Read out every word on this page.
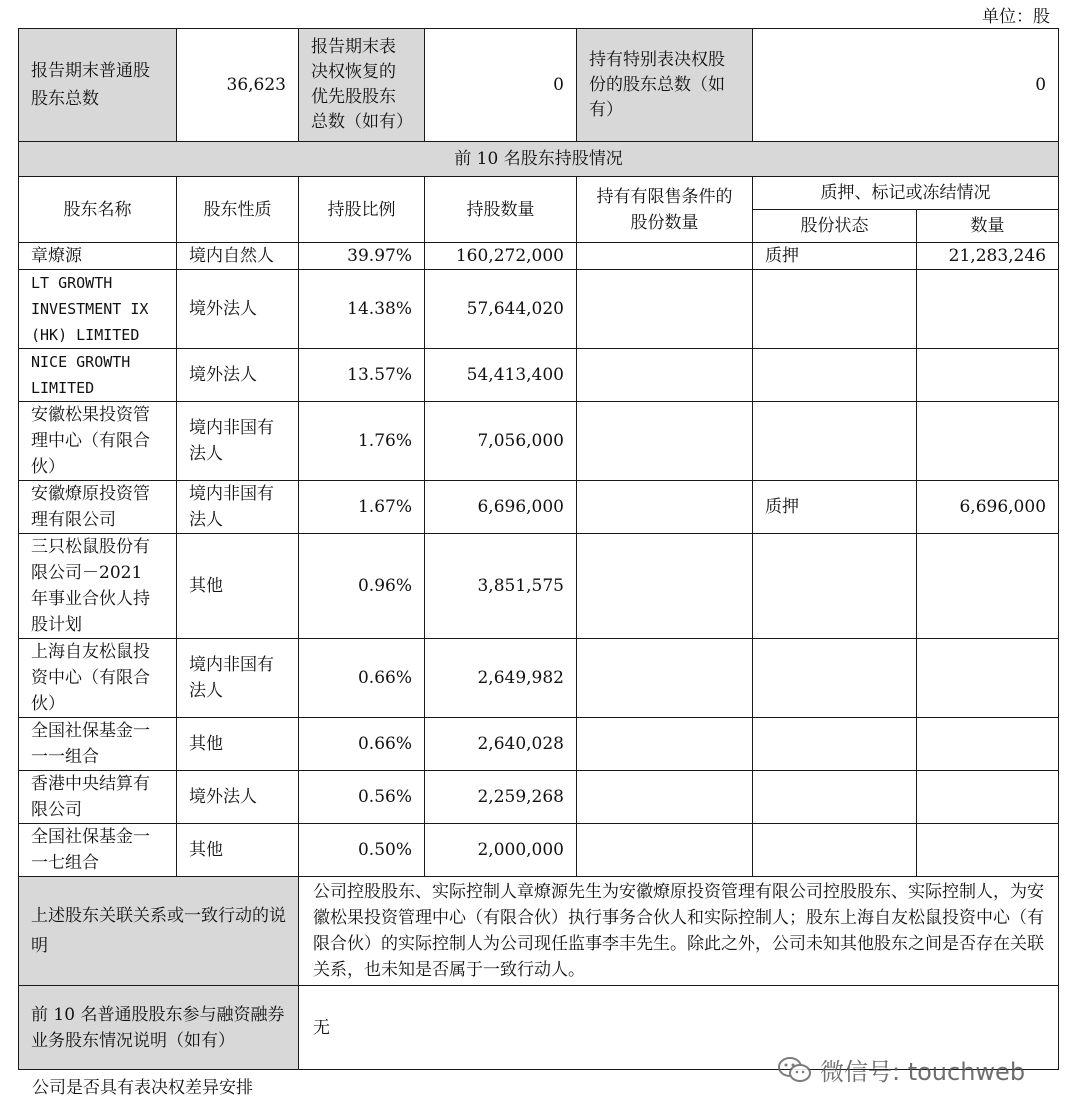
单位：股
报告期末普通股股东总数	36,623	报告期末表决权恢复的优先股股东总数（如有）	0	持有特别表决权股份的股东总数（如有）	0	
前 10 名股东持股情况						
股东名称	股东性质	持股比例	持股数量	持有有限售条件的股份数量	质押、标记或冻结情况	
					股份状态	数量
章燎源	境内自然人	39.97%	160,272,000		质押	21,283,246
LT GROWTH INVESTMENT IX (HK) LIMITED	境外法人	14.38%	57,644,020			
NICE GROWTH LIMITED	境外法人	13.57%	54,413,400			
安徽松果投资管理中心（有限合伙）	境内非国有法人	1.76%	7,056,000			
安徽燎原投资管理有限公司	境内非国有法人	1.67%	6,696,000		质押	6,696,000
三只松鼠股份有限公司－2021 年事业合伙人持股计划	其他	0.96%	3,851,575			
上海自友松鼠投资中心（有限合伙）	境内非国有法人	0.66%	2,649,982			
全国社保基金一一一组合	其他	0.66%	2,640,028			
香港中央结算有限公司	境外法人	0.56%	2,259,268			
全国社保基金一一七组合	其他	0.50%	2,000,000			
上述股东关联关系或一致行动的说明		公司控股股东、实际控制人章燎源先生为安徽燎原投资管理有限公司控股股东、实际控制人，为安徽松果投资管理中心（有限合伙）执行事务合伙人和实际控制人；股东上海自友松鼠投资中心（有限合伙）的实际控制人为公司现任监事李丰先生。除此之外，公司未知其他股东之间是否存在关联关系，也未知是否属于一致行动人。				
前 10 名普通股股东参与融资融券业务股东情况说明（如有）		无				
公司是否具有表决权差异安排
微信号: touchweb
